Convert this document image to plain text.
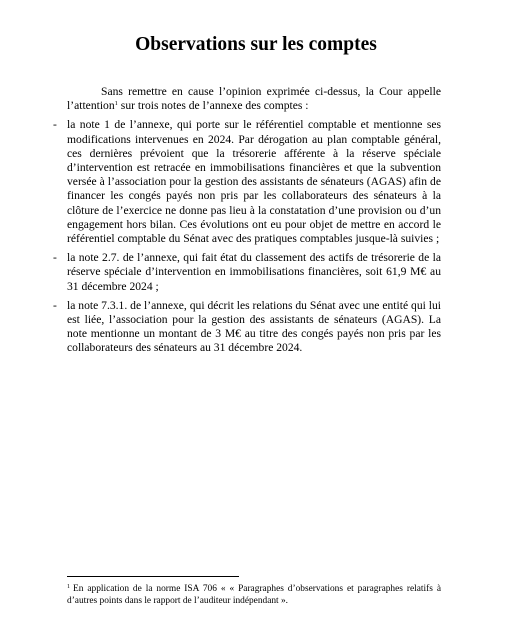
Observations sur les comptes

Sans remettre en cause l’opinion exprimée ci-dessus, la Cour appelle l’attention$^1$ sur trois notes de l’annexe des comptes :

- la note 1 de l’annexe, qui porte sur le référentiel comptable et mentionne ses modifications intervenues en 2024. Par dérogation au plan comptable général, ces dernières prévoient que la trésorerie afférente à la réserve spéciale d’intervention est retracée en immobilisations financières et que la subvention versée à l’association pour la gestion des assistants de sénateurs (AGAS) afin de financer les congés payés non pris par les collaborateurs des sénateurs à la clôture de l’exercice ne donne pas lieu à la constatation d’une provision ou d’un engagement hors bilan. Ces évolutions ont eu pour objet de mettre en accord le référentiel comptable du Sénat avec des pratiques comptables jusque-là suivies ;
- la note 2.7. de l’annexe, qui fait état du classement des actifs de trésorerie de la réserve spéciale d’intervention en immobilisations financières, soit 61,9 M€ au 31 décembre 2024 ;
- la note 7.3.1. de l’annexe, qui décrit les relations du Sénat avec une entité qui lui est liée, l’association pour la gestion des assistants de sénateurs (AGAS). La note mentionne un montant de 3 M€ au titre des congés payés non pris par les collaborateurs des sénateurs au 31 décembre 2024.

$^1$ En application de la norme ISA 706 « « Paragraphes d’observations et paragraphes relatifs à d’autres points dans le rapport de l’auditeur indépendant ».
